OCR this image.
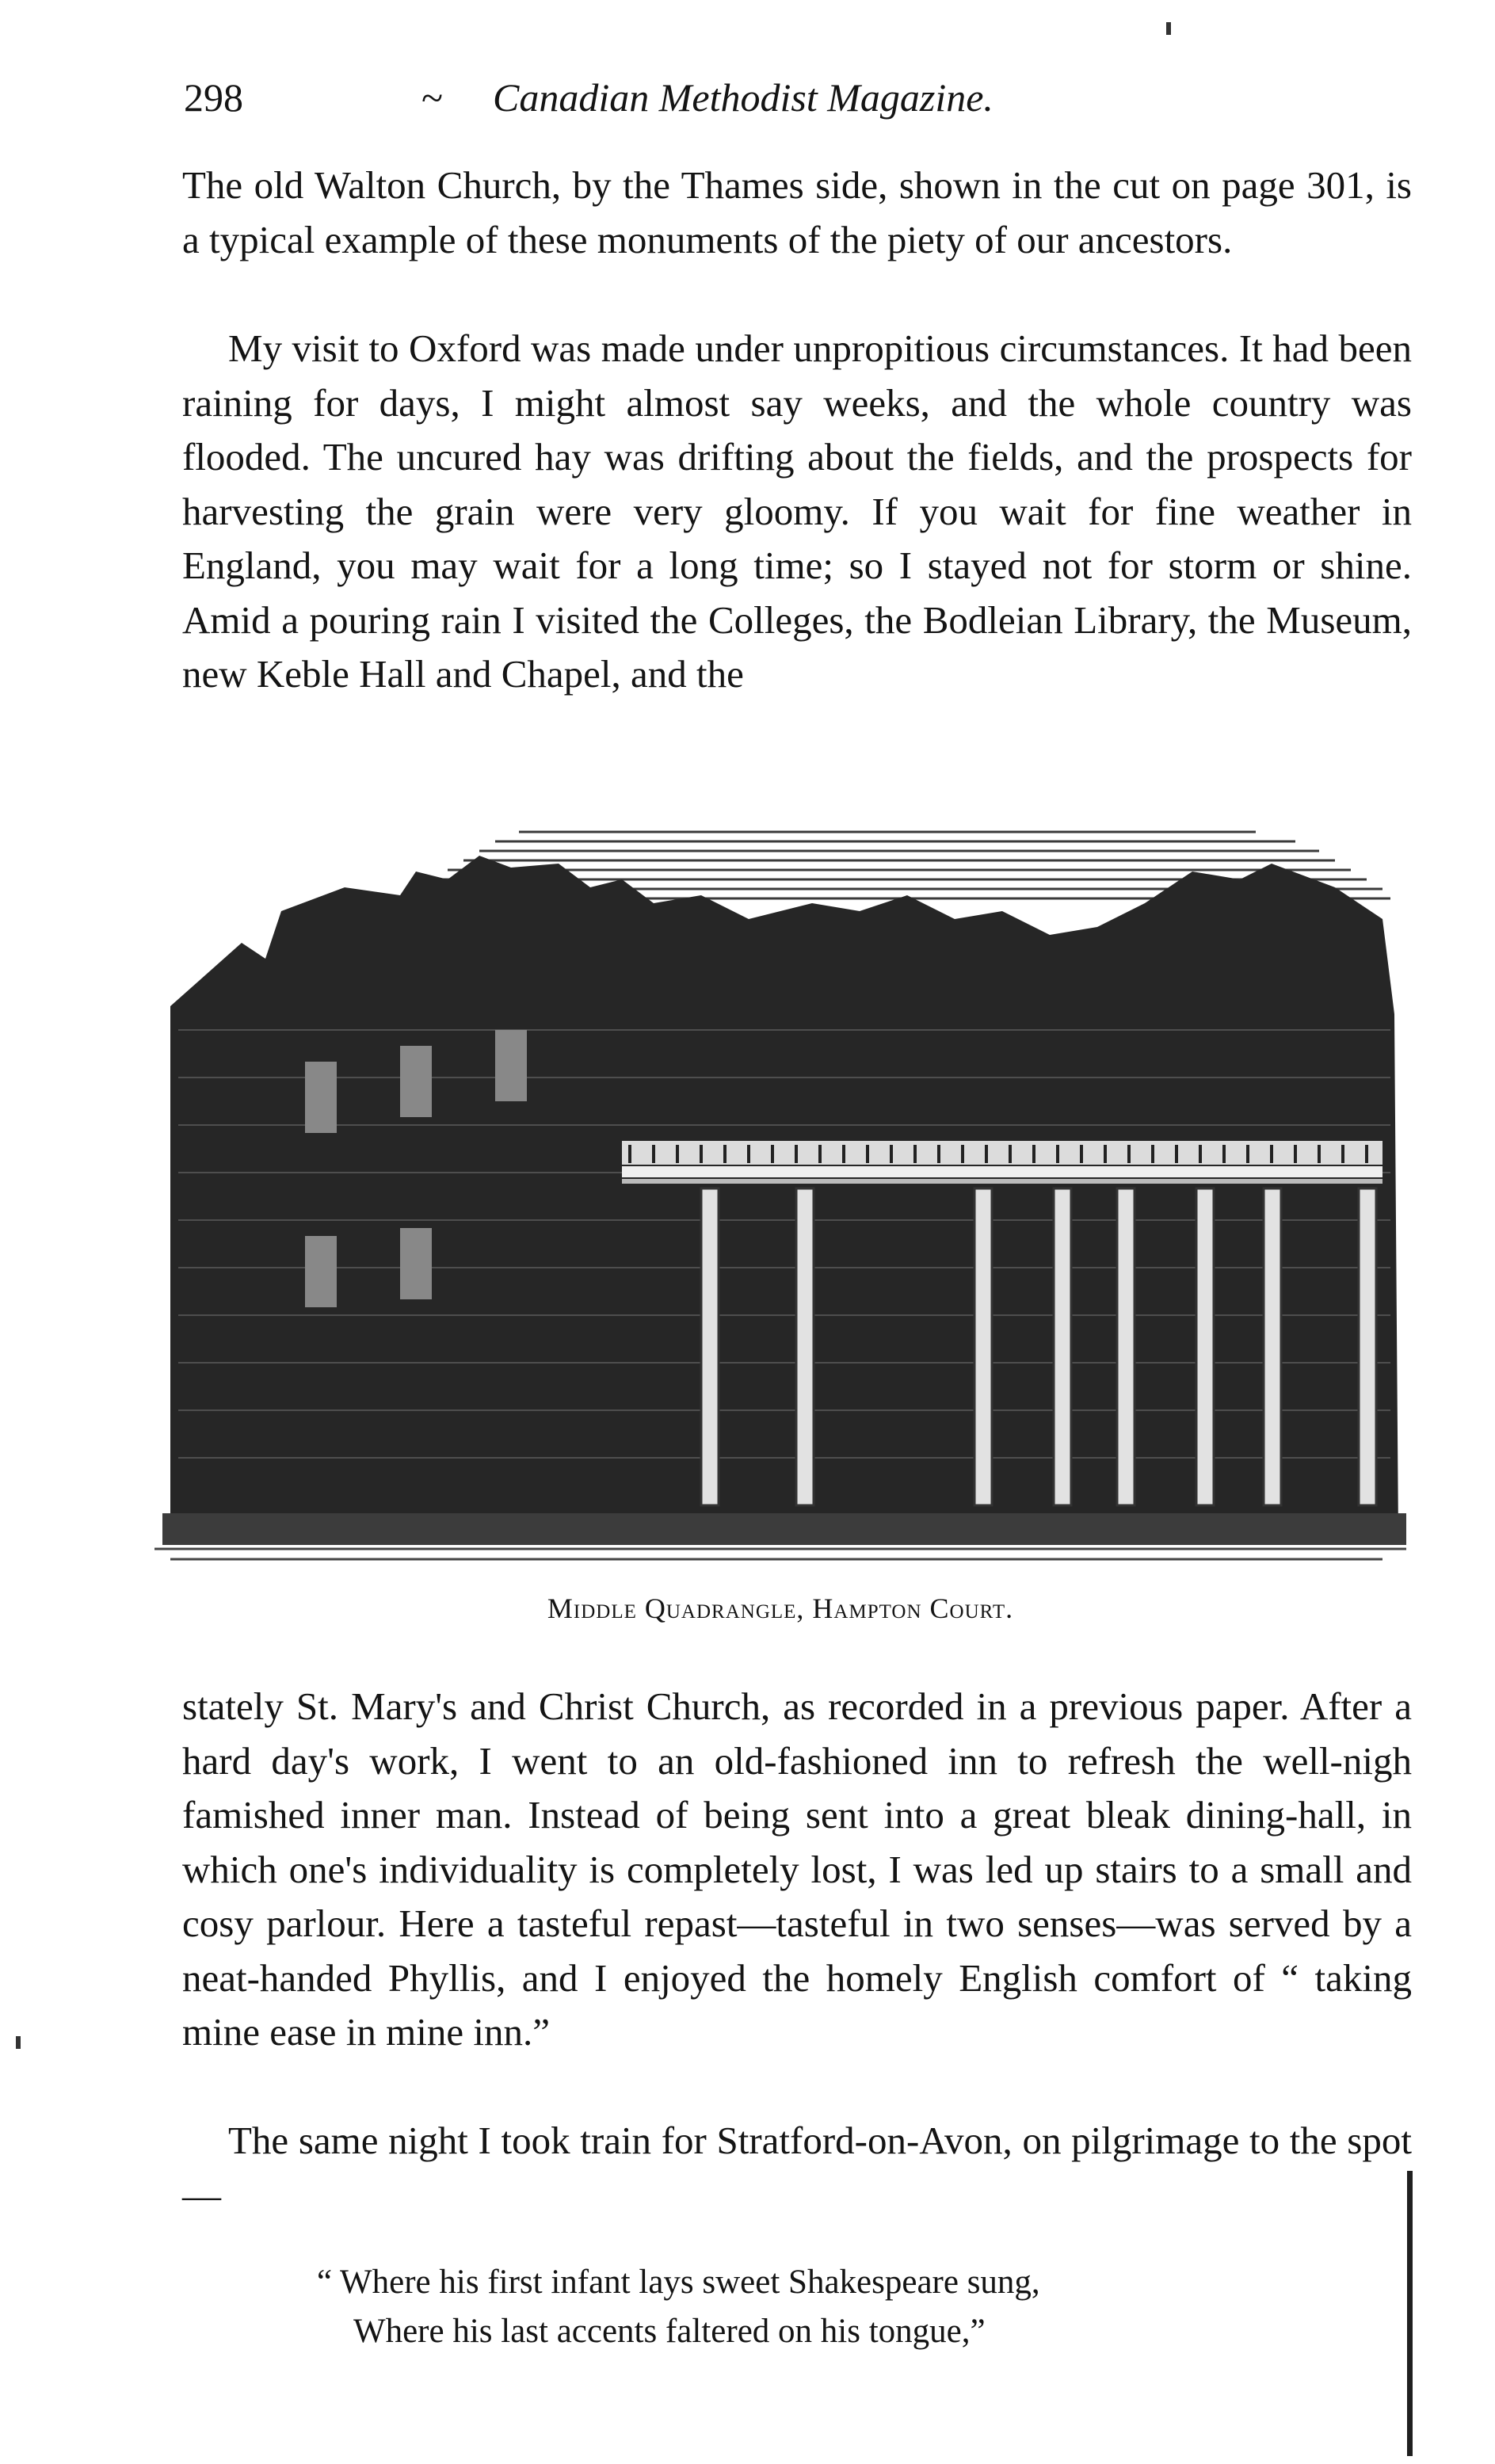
298	~ Canadian Methodist Magazine.

The old Walton Church, by the Thames side, shown in the cut on page 301, is a typical example of these monuments of the piety of our ancestors.

My visit to Oxford was made under unpropitious circumstances. It had been raining for days, I might almost say weeks, and the whole country was flooded. The uncured hay was drifting about the fields, and the prospects for harvesting the grain were very gloomy. If you wait for fine weather in England, you may wait for a long time; so I stayed not for storm or shine. Amid a pouring rain I visited the Colleges, the Bodleian Library, the Museum, new Keble Hall and Chapel, and the

Middle Quadrangle, Hampton Court.

stately St. Mary's and Christ Church, as recorded in a previous paper. After a hard day's work, I went to an old-fashioned inn to refresh the well-nigh famished inner man. Instead of being sent into a great bleak dining-hall, in which one's individuality is completely lost, I was led up stairs to a small and cosy parlour. Here a tasteful repast—tasteful in two senses—was served by a neat-handed Phyllis, and I enjoyed the homely English comfort of “ taking mine ease in mine inn.”

The same night I took train for Stratford-on-Avon, on pilgrimage to the spot—

“ Where his first infant lays sweet Shakespeare sung,
Where his last accents faltered on his tongue,”
